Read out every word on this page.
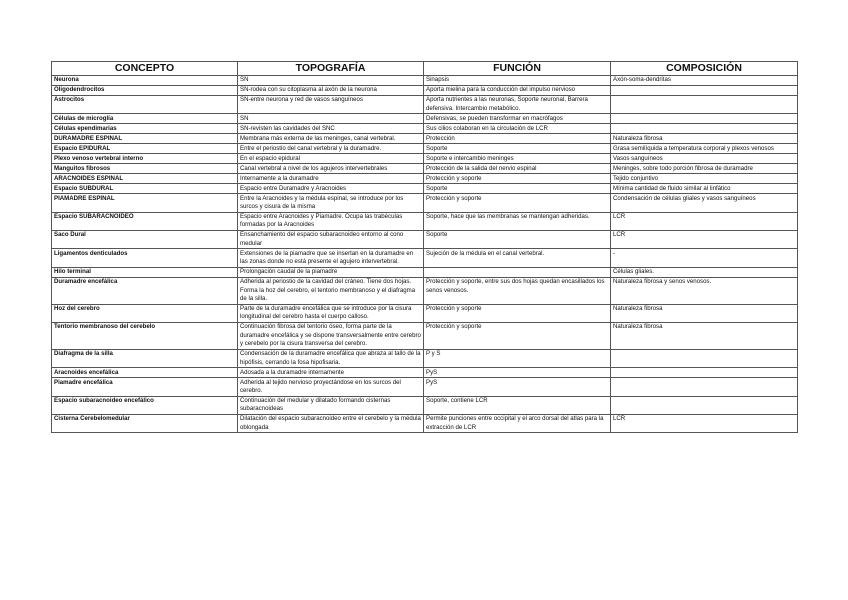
CONCEPTO	TOPOGRAFÍA	FUNCIÓN	COMPOSICIÓN
Neurona	SN	Sinapsis	Axón-soma-dendritas
Oligodendrocitos	SN-rodea con su citoplasma al axón de la neurona	Aporta mielina para la conducción del impulso nervioso	
Astrocitos	SN-entre neurona y red de vasos sanguíneos	Aporta nutrientes a las neuronas, Soporte neuronal, Barrera defensiva. Intercambio metabólico.	
Células de microglía	SN	Defensivas, se pueden transformar en macrófagos	
Células ependimarias	SN-revisten las cavidades del SNC	Sus cilios colaboran en la circulación de LCR	
DURAMADRE ESPINAL	Membrana más externa de las meninges, canal vertebral.	Protección	Naturaleza fibrosa
Espacio EPIDURAL	Entre el periostio del canal vertebral y la duramadre.	Soporte	Grasa semilíquida a temperatura corporal y plexos venosos
Plexo venoso vertebral interno	En el espacio epidural	Soporte e intercambio meninges	Vasos sanguíneos
Manguitos fibrosos	Canal vertebral a nivel de los agujeros intervertebrales	Protección de la salida del nervio espinal	Meninges, sobre todo porción fibrosa de duramadre
ARACNOIDES ESPINAL	Internamente a la duramadre	Protección y soporte	Tejido conjuntivo
Espacio SUBDURAL	Espacio entre Duramadre y Aracnoides	Soporte	Mínima cantidad de fluido similar al linfático
PIAMADRE ESPINAL	Entre la Aracnoides y la médula espinal, se introduce por los surcos y cisura de la misma	Protección y soporte	Condensación de células gliales y vasos sanguíneos
Espacio SUBARACNOIDEO	Espacio entre Aracnoides y Piamadre. Ocupa las trabéculas formadas por la Aracnoides	Soporte, hace que las membranas se mantengan adheridas.	LCR
Saco Dural	Ensanchamiento del espacio subaracnoideo entorno al cono medular	Soporte	LCR
Ligamentos denticulados	Extensiones de la piamadre que se insertan en la duramadre en las zonas donde no está presente el agujero intervertebral.	Sujeción de la médula en el canal vertebral.	-
Hilo terminal	Prolongación caudal de la piamadre		Células gliales.
Duramadre encefálica	Adherida al periostio de la cavidad del cráneo. Tiene dos hojas. Forma la hoz del cerebro, el tentorio membranoso y el diafragma de la silla.	Protección y soporte, entre sus dos hojas quedan encasillados los senos venosos.	Naturaleza fibrosa y senos venosos.
Hoz del cerebro	Parte de la duramadre encefálica que se introduce por la cisura longitudinal del cerebro hasta el cuerpo calloso.	Protección y soporte	Naturaleza fibrosa
Tentorio membranoso del cerebelo	Continuación fibrosa del tentorio óseo, forma parte de la duramadre encefálica y se dispone transversalmente entre cerebro y cerebelo por la cisura transversa del cerebro.	Protección y soporte	Naturaleza fibrosa
Diafragma de la silla	Condensación de la duramadre encefálica que abraza al tallo de la hipófisis, cerrando la fosa hipofisaria.	P y S	
Aracnoides encefálica	Adosada a la duramadre internamente	PyS	
Piamadre encefálica	Adherida al tejido nervioso proyectándose en los surcos del cerebro.	PyS	
Espacio subaracnoideo encefálico	Continuación del medular y dilatado formando cisternas subaracnoideas	Soporte, contiene LCR	
Cisterna Cerebelomedular	Dilatación del espacio subaracnoideo entre el cerebelo y la médula oblongada	Permite punciones entre occipital y el arco dorsal del atlas para la extracción de LCR	LCR
